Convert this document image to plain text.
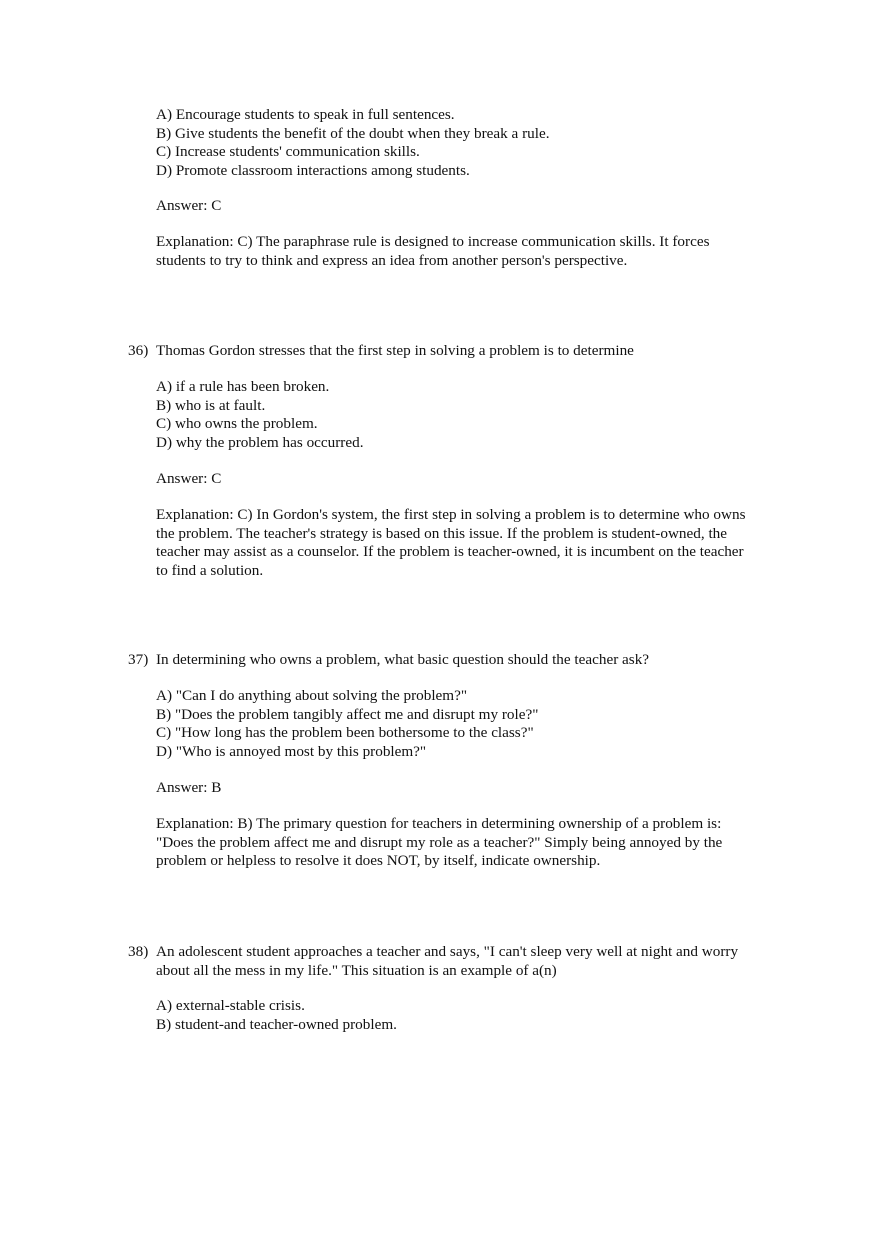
A) Encourage students to speak in full sentences.
B) Give students the benefit of the doubt when they break a rule.
C) Increase students' communication skills.
D) Promote classroom interactions among students.
Answer: C
Explanation: C) The paraphrase rule is designed to increase communication skills. It forces
students to try to think and express an idea from another person's perspective.
36) Thomas Gordon stresses that the first step in solving a problem is to determine
A) if a rule has been broken.
B) who is at fault.
C) who owns the problem.
D) why the problem has occurred.
Answer: C
Explanation: C) In Gordon's system, the first step in solving a problem is to determine who owns
the problem. The teacher's strategy is based on this issue. If the problem is student-owned, the
teacher may assist as a counselor. If the problem is teacher-owned, it is incumbent on the teacher
to find a solution.
37) In determining who owns a problem, what basic question should the teacher ask?
A) "Can I do anything about solving the problem?"
B) "Does the problem tangibly affect me and disrupt my role?"
C) "How long has the problem been bothersome to the class?"
D) "Who is annoyed most by this problem?"
Answer: B
Explanation: B) The primary question for teachers in determining ownership of a problem is:
"Does the problem affect me and disrupt my role as a teacher?" Simply being annoyed by the
problem or helpless to resolve it does NOT, by itself, indicate ownership.
38) An adolescent student approaches a teacher and says, "I can't sleep very well at night and worry
about all the mess in my life." This situation is an example of a(n)
A) external-stable crisis.
B) student-and teacher-owned problem.
